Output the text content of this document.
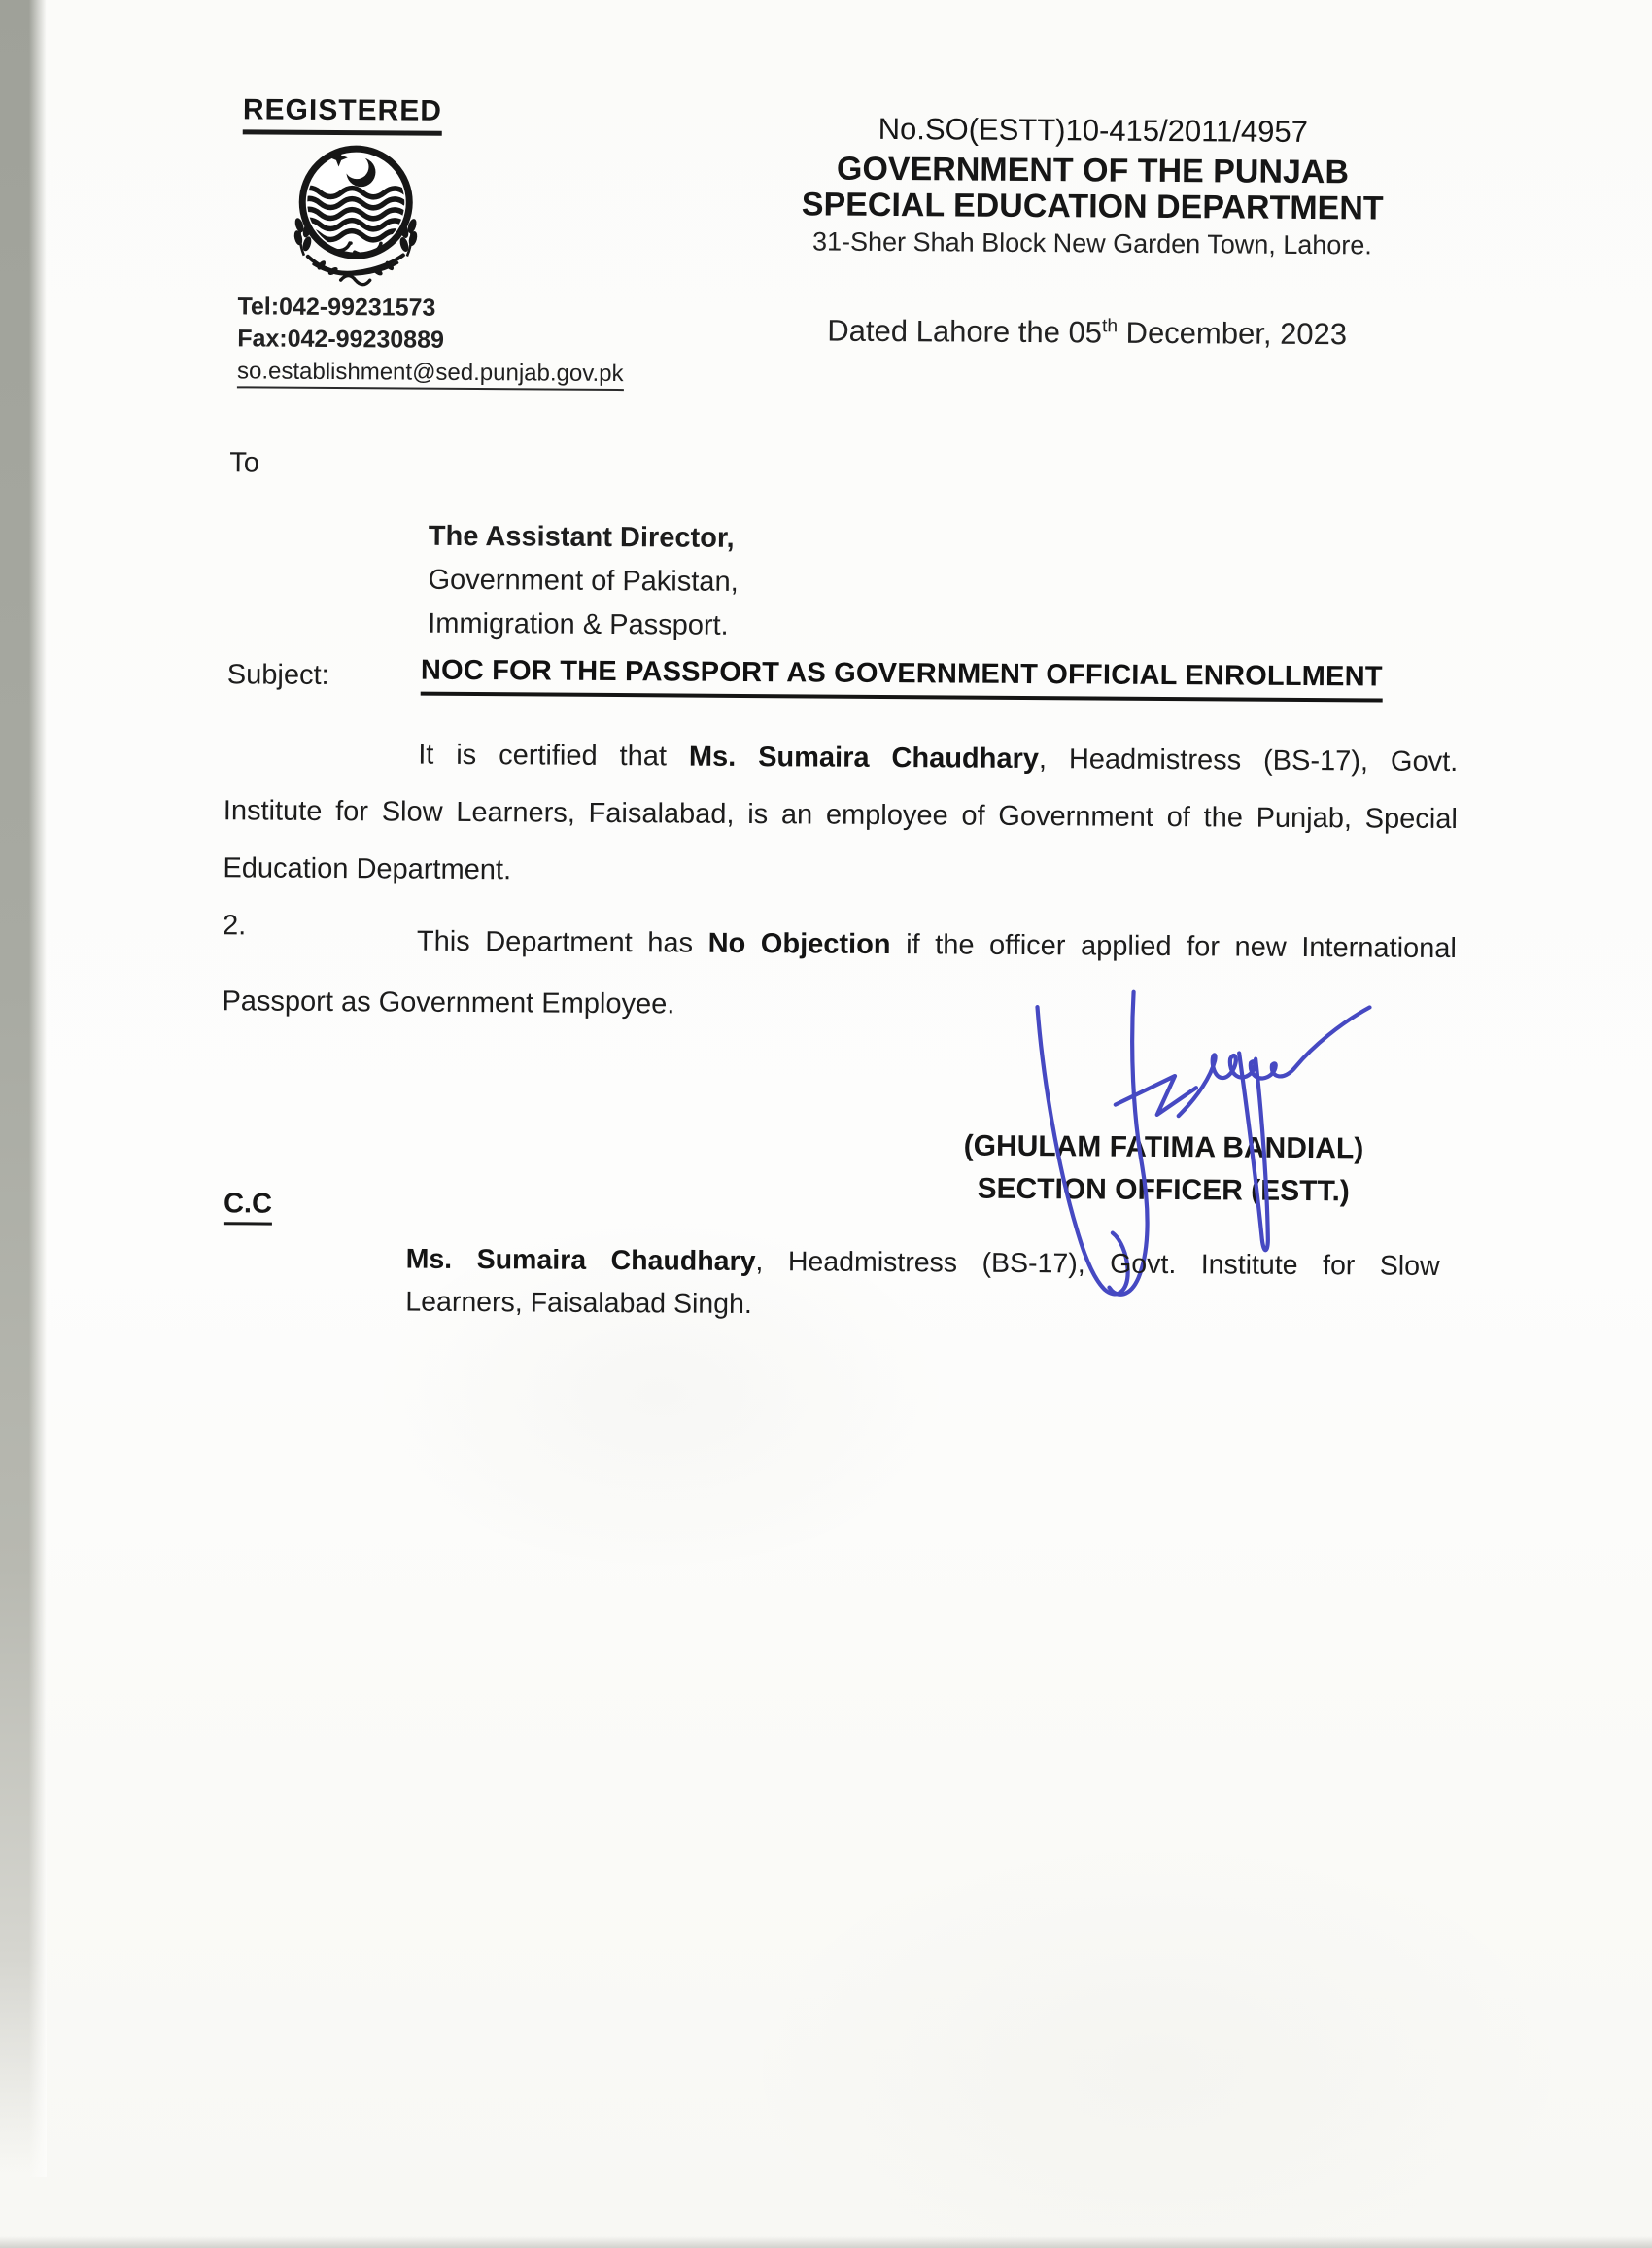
REGISTERED
Tel:042-99231573
Fax:042-99230889
so.establishment@sed.punjab.gov.pk
No.SO(ESTT)10-415/2011/4957
GOVERNMENT OF THE PUNJAB
SPECIAL EDUCATION DEPARTMENT
31-Sher Shah Block New Garden Town, Lahore.
Dated Lahore the 05th December, 2023
To
The Assistant Director,
Government of Pakistan,
Immigration & Passport.
Subject:	NOC FOR THE PASSPORT AS GOVERNMENT OFFICIAL ENROLLMENT
It is certified that Ms. Sumaira Chaudhary, Headmistress (BS-17), Govt.
Institute for Slow Learners, Faisalabad, is an employee of Government of the Punjab, Special
Education Department.
2.
This Department has No Objection if the officer applied for new International
Passport as Government Employee.
(GHULAM FATIMA BANDIAL)
SECTION OFFICER (ESTT.)
C.C
Ms. Sumaira Chaudhary, Headmistress (BS-17), Govt. Institute for Slow
Learners, Faisalabad Singh.
